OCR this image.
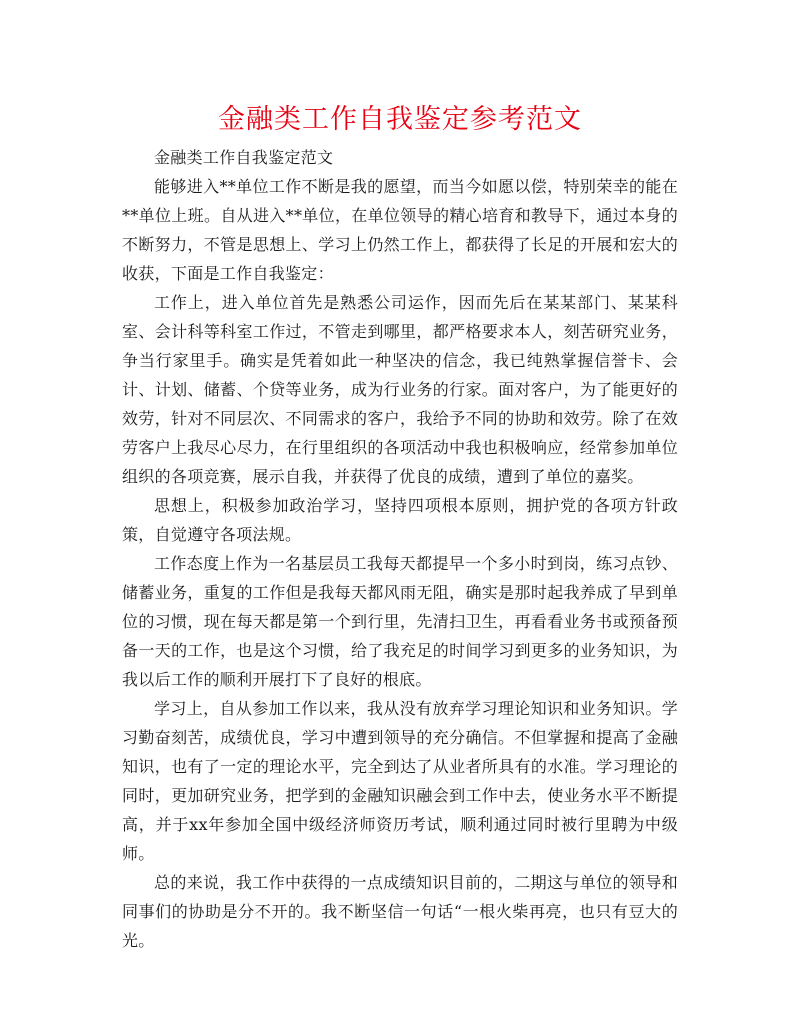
金融类工作自我鉴定参考范文

金融类工作自我鉴定范文

能够进入**单位工作不断是我的愿望，而当今如愿以偿，特别荣幸的能在**单位上班。自从进入**单位，在单位领导的精心培育和教导下，通过本身的不断努力，不管是思想上、学习上仍然工作上，都获得了长足的开展和宏大的收获，下面是工作自我鉴定：

工作上，进入单位首先是熟悉公司运作，因而先后在某某部门、某某科室、会计科等科室工作过，不管走到哪里，都严格要求本人，刻苦研究业务，争当行家里手。确实是凭着如此一种坚决的信念，我已纯熟掌握信誉卡、会计、计划、储蓄、个贷等业务，成为行业务的行家。面对客户，为了能更好的效劳，针对不同层次、不同需求的客户，我给予不同的协助和效劳。除了在效劳客户上我尽心尽力，在行里组织的各项活动中我也积极响应，经常参加单位组织的各项竞赛，展示自我，并获得了优良的成绩，遭到了单位的嘉奖。

思想上，积极参加政治学习，坚持四项根本原则，拥护党的各项方针政策，自觉遵守各项法规。

工作态度上作为一名基层员工我每天都提早一个多小时到岗，练习点钞、储蓄业务，重复的工作但是我每天都风雨无阻，确实是那时起我养成了早到单位的习惯，现在每天都是第一个到行里，先清扫卫生，再看看业务书或预备预备一天的工作，也是这个习惯，给了我充足的时间学习到更多的业务知识，为我以后工作的顺利开展打下了良好的根底。

学习上，自从参加工作以来，我从没有放弃学习理论知识和业务知识。学习勤奋刻苦，成绩优良，学习中遭到领导的充分确信。不但掌握和提高了金融知识，也有了一定的理论水平，完全到达了从业者所具有的水准。学习理论的同时，更加研究业务，把学到的金融知识融会到工作中去，使业务水平不断提高，并于xx年参加全国中级经济师资历考试，顺利通过同时被行里聘为中级师。

总的来说，我工作中获得的一点成绩知识目前的，二期这与单位的领导和同事们的协助是分不开的。我不断坚信一句话“一根火柴再亮，也只有豆大的光。
